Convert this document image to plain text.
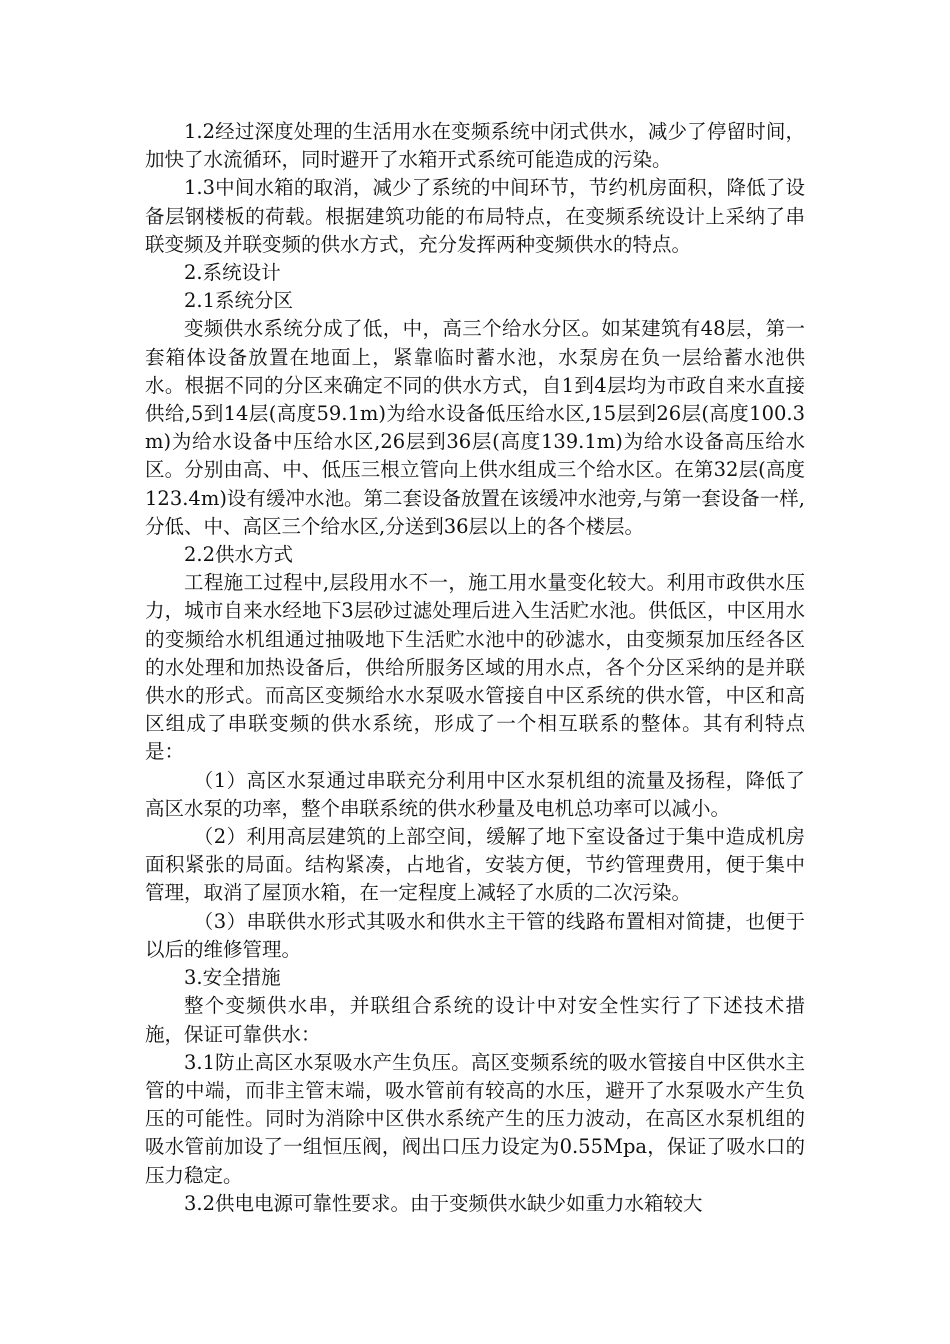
1.2经过深度处理的生活用水在变频系统中闭式供水，减少了停留时间，加快了水流循环，同时避开了水箱开式系统可能造成的污染。

1.3中间水箱的取消，减少了系统的中间环节，节约机房面积，降低了设备层钢楼板的荷载。根据建筑功能的布局特点，在变频系统设计上采纳了串联变频及并联变频的供水方式，充分发挥两种变频供水的特点。

2.系统设计

2.1系统分区

变频供水系统分成了低，中，高三个给水分区。如某建筑有48层，第一套箱体设备放置在地面上，紧靠临时蓄水池，水泵房在负一层给蓄水池供水。根据不同的分区来确定不同的供水方式，自1到4层均为市政自来水直接供给,5到14层(高度59.1m)为给水设备低压给水区,15层到26层(高度100.3m)为给水设备中压给水区,26层到36层(高度139.1m)为给水设备高压给水区。分别由高、中、低压三根立管向上供水组成三个给水区。在第32层(高度123.4m)设有缓冲水池。第二套设备放置在该缓冲水池旁,与第一套设备一样,分低、中、高区三个给水区,分送到36层以上的各个楼层。

2.2供水方式

工程施工过程中,层段用水不一，施工用水量变化较大。利用市政供水压力，城市自来水经地下3层砂过滤处理后进入生活贮水池。供低区，中区用水的变频给水机组通过抽吸地下生活贮水池中的砂滤水，由变频泵加压经各区的水处理和加热设备后，供给所服务区域的用水点，各个分区采纳的是并联供水的形式。而高区变频给水水泵吸水管接自中区系统的供水管，中区和高区组成了串联变频的供水系统，形成了一个相互联系的整体。其有利特点是：

（1）高区水泵通过串联充分利用中区水泵机组的流量及扬程，降低了高区水泵的功率，整个串联系统的供水秒量及电机总功率可以减小。

（2）利用高层建筑的上部空间，缓解了地下室设备过于集中造成机房面积紧张的局面。结构紧凑，占地省，安装方便，节约管理费用，便于集中管理，取消了屋顶水箱，在一定程度上减轻了水质的二次污染。

（3）串联供水形式其吸水和供水主干管的线路布置相对简捷，也便于以后的维修管理。

3.安全措施

整个变频供水串，并联组合系统的设计中对安全性实行了下述技术措施，保证可靠供水：

3.1防止高区水泵吸水产生负压。高区变频系统的吸水管接自中区供水主管的中端，而非主管末端，吸水管前有较高的水压，避开了水泵吸水产生负压的可能性。同时为消除中区供水系统产生的压力波动，在高区水泵机组的吸水管前加设了一组恒压阀，阀出口压力设定为0.55Mpa，保证了吸水口的压力稳定。

3.2供电电源可靠性要求。由于变频供水缺少如重力水箱较大
